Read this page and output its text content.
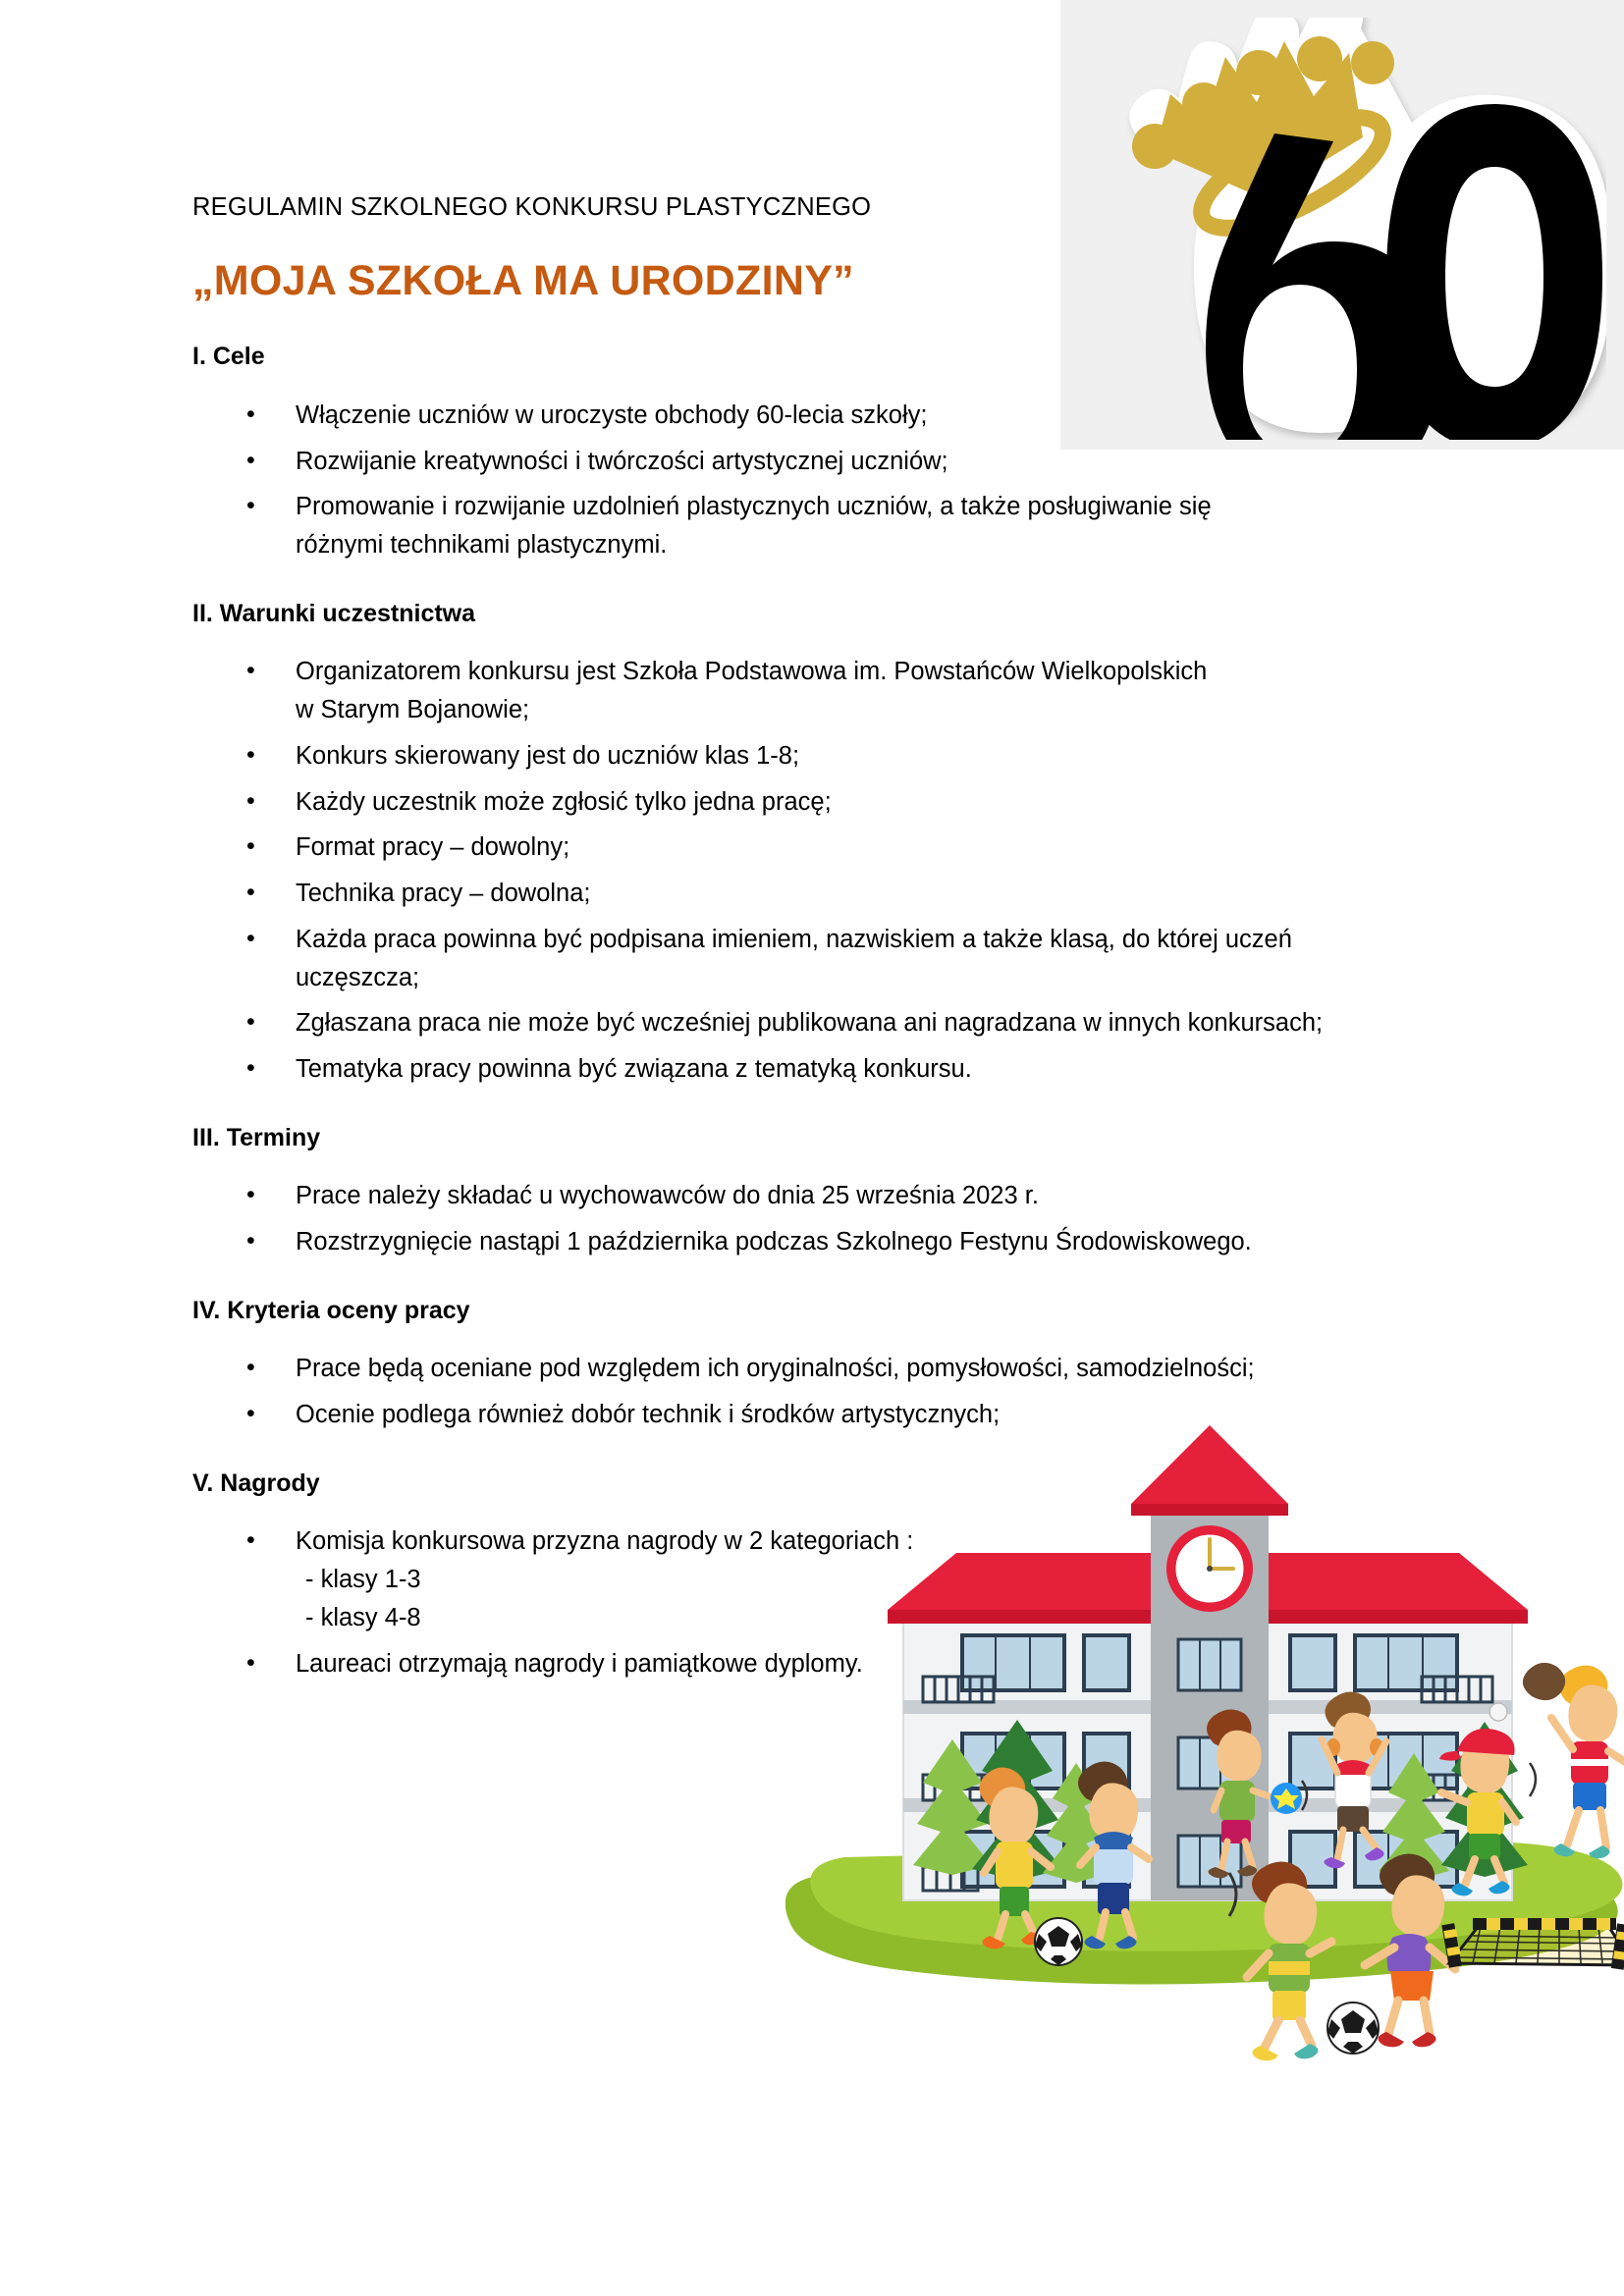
REGULAMIN SZKOLNEGO KONKURSU PLASTYCZNEGO
„MOJA SZKOŁA MA URODZINY”
I. Cele
• Włączenie uczniów w uroczyste obchody 60-lecia szkoły;
• Rozwijanie kreatywności i twórczości artystycznej uczniów;
• Promowanie i rozwijanie uzdolnień plastycznych uczniów, a także posługiwanie się
różnymi technikami plastycznymi.
II. Warunki uczestnictwa
• Organizatorem konkursu jest Szkoła Podstawowa im. Powstańców Wielkopolskich
w Starym Bojanowie;
• Konkurs skierowany jest do uczniów klas 1-8;
• Każdy uczestnik może zgłosić tylko jedna pracę;
• Format pracy – dowolny;
• Technika pracy – dowolna;
• Każda praca powinna być podpisana imieniem, nazwiskiem a także klasą, do której uczeń
uczęszcza;
• Zgłaszana praca nie może być wcześniej publikowana ani nagradzana w innych konkursach;
• Tematyka pracy powinna być związana z tematyką konkursu.
III. Terminy
• Prace należy składać u wychowawców do dnia 25 września 2023 r.
• Rozstrzygnięcie nastąpi 1 października podczas Szkolnego Festynu Środowiskowego.
IV. Kryteria oceny pracy
• Prace będą oceniane pod względem ich oryginalności, pomysłowości, samodzielności;
• Ocenie podlega również dobór technik i środków artystycznych;
V. Nagrody
• Komisja konkursowa przyzna nagrody w 2 kategoriach :
- klasy 1-3
- klasy 4-8
• Laureaci otrzymają nagrody i pamiątkowe dyplomy.
